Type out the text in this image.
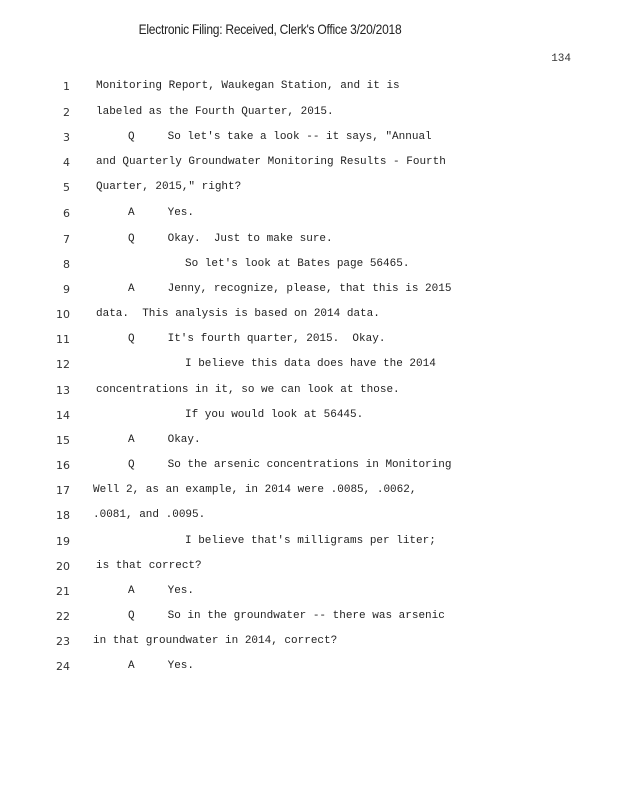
Electronic Filing: Received, Clerk's Office 3/20/2018
134
1 Monitoring Report, Waukegan Station, and it is
2 labeled as the Fourth Quarter, 2015.
3	Q     So let's take a look -- it says, "Annual
4 and Quarterly Groundwater Monitoring Results - Fourth
5 Quarter, 2015," right?
6	A     Yes.
7	Q     Okay.  Just to make sure.
8	So let's look at Bates page 56465.
9	A     Jenny, recognize, please, that this is 2015
10 data.  This analysis is based on 2014 data.
11	Q     It's fourth quarter, 2015.  Okay.
12	I believe this data does have the 2014
13 concentrations in it, so we can look at those.
14	If you would look at 56445.
15	A     Okay.
16	Q     So the arsenic concentrations in Monitoring
17 Well 2, as an example, in 2014 were .0085, .0062,
18 .0081, and .0095.
19	I believe that's milligrams per liter;
20 is that correct?
21	A     Yes.
22	Q     So in the groundwater -- there was arsenic
23 in that groundwater in 2014, correct?
24	A     Yes.
